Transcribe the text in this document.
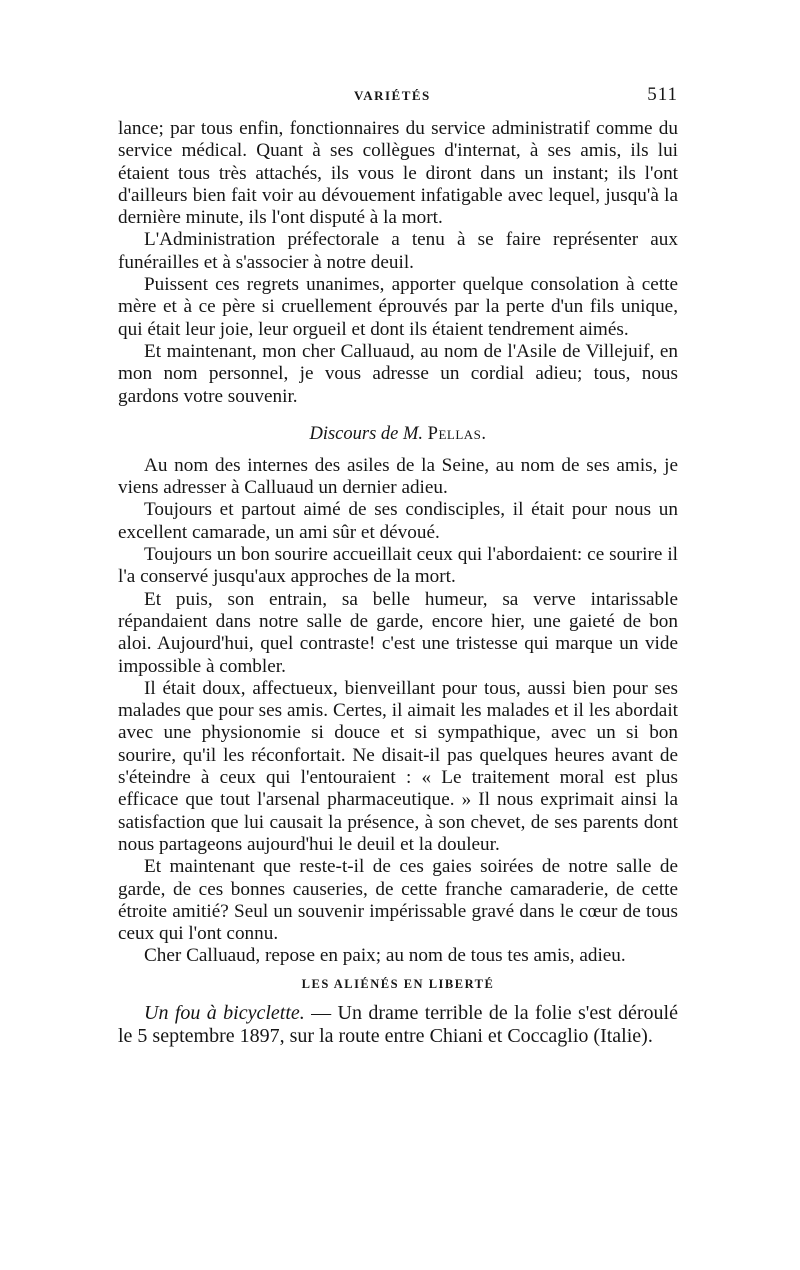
VARIÉTÉS	511

lance; par tous enfin, fonctionnaires du service administratif comme du service médical. Quant à ses collègues d'internat, à ses amis, ils lui étaient tous très attachés, ils vous le diront dans un instant; ils l'ont d'ailleurs bien fait voir au dévouement infatigable avec lequel, jusqu'à la dernière minute, ils l'ont disputé à la mort.

L'Administration préfectorale a tenu à se faire représenter aux funérailles et à s'associer à notre deuil.

Puissent ces regrets unanimes, apporter quelque consolation à cette mère et à ce père si cruellement éprouvés par la perte d'un fils unique, qui était leur joie, leur orgueil et dont ils étaient tendrement aimés.

Et maintenant, mon cher Calluaud, au nom de l'Asile de Villejuif, en mon nom personnel, je vous adresse un cordial adieu; tous, nous gardons votre souvenir.

Discours de M. Pellas.

Au nom des internes des asiles de la Seine, au nom de ses amis, je viens adresser à Calluaud un dernier adieu.

Toujours et partout aimé de ses condisciples, il était pour nous un excellent camarade, un ami sûr et dévoué.

Toujours un bon sourire accueillait ceux qui l'abordaient: ce sourire il l'a conservé jusqu'aux approches de la mort.

Et puis, son entrain, sa belle humeur, sa verve intarissable répandaient dans notre salle de garde, encore hier, une gaieté de bon aloi. Aujourd'hui, quel contraste! c'est une tristesse qui marque un vide impossible à combler.

Il était doux, affectueux, bienveillant pour tous, aussi bien pour ses malades que pour ses amis. Certes, il aimait les malades et il les abordait avec une physionomie si douce et si sympathique, avec un si bon sourire, qu'il les réconfortait. Ne disait-il pas quelques heures avant de s'éteindre à ceux qui l'entouraient : « Le traitement moral est plus efficace que tout l'arsenal pharmaceutique. » Il nous exprimait ainsi la satisfaction que lui causait la présence, à son chevet, de ses parents dont nous partageons aujourd'hui le deuil et la douleur.

Et maintenant que reste-t-il de ces gaies soirées de notre salle de garde, de ces bonnes causeries, de cette franche camaraderie, de cette étroite amitié? Seul un souvenir impérissable gravé dans le cœur de tous ceux qui l'ont connu.

Cher Calluaud, repose en paix; au nom de tous tes amis, adieu.

LES ALIÉNÉS EN LIBERTÉ

Un fou à bicyclette. — Un drame terrible de la folie s'est déroulé le 5 septembre 1897, sur la route entre Chiani et Coccaglio (Italie).
